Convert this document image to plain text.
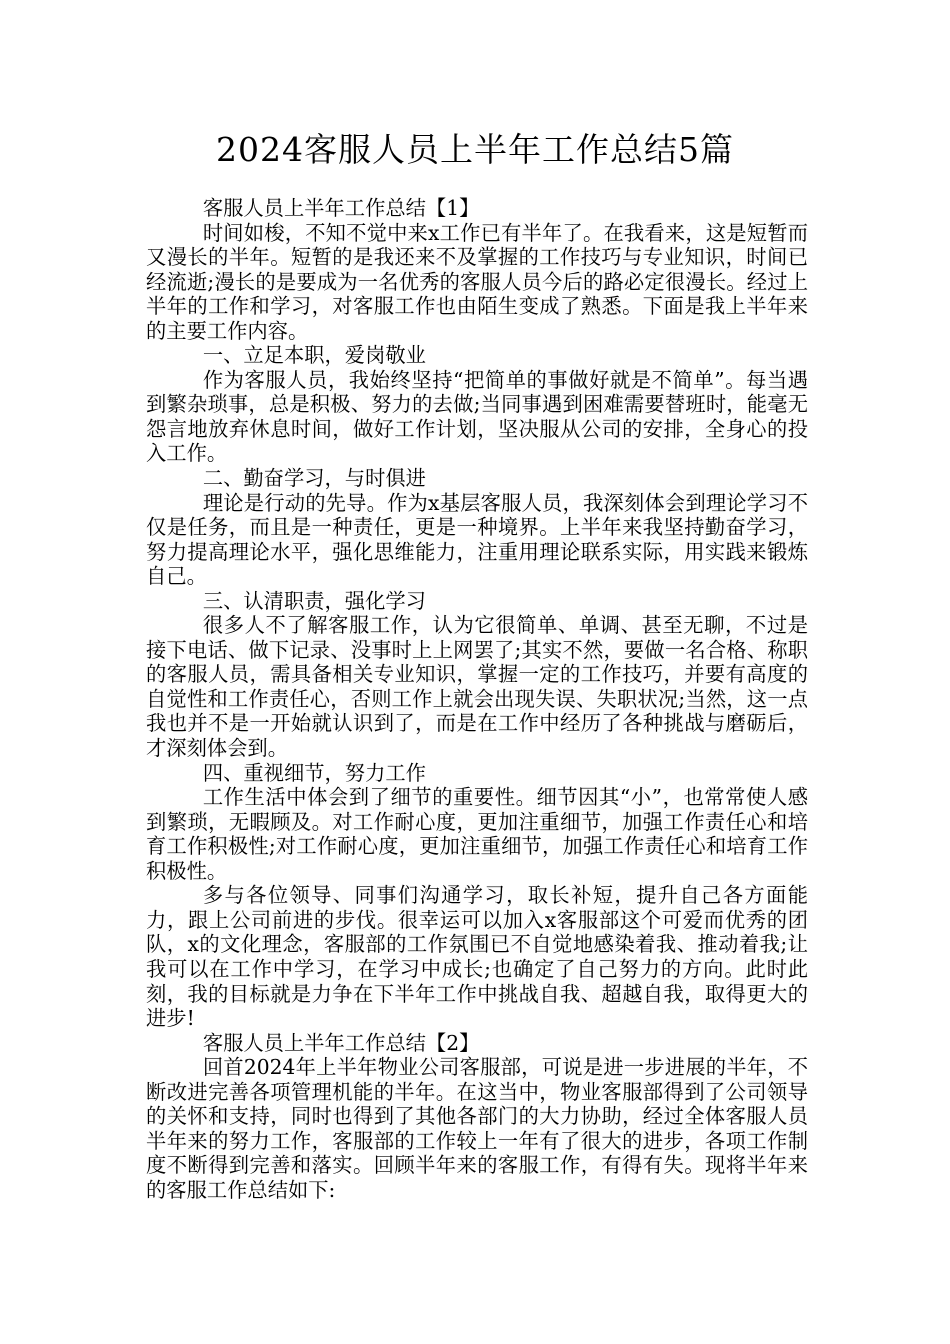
2024客服人员上半年工作总结5篇

客服人员上半年工作总结【1】

时间如梭，不知不觉中来x工作已有半年了。在我看来，这是短暂而又漫长的半年。短暂的是我还来不及掌握的工作技巧与专业知识，时间已经流逝;漫长的是要成为一名优秀的客服人员今后的路必定很漫长。经过上半年的工作和学习，对客服工作也由陌生变成了熟悉。下面是我上半年来的主要工作内容。

一、立足本职，爱岗敬业

作为客服人员，我始终坚持“把简单的事做好就是不简单”。每当遇到繁杂琐事，总是积极、努力的去做;当同事遇到困难需要替班时，能毫无怨言地放弃休息时间，做好工作计划，坚决服从公司的安排，全身心的投入工作。

二、勤奋学习，与时俱进

理论是行动的先导。作为x基层客服人员，我深刻体会到理论学习不仅是任务，而且是一种责任，更是一种境界。上半年来我坚持勤奋学习，努力提高理论水平，强化思维能力，注重用理论联系实际，用实践来锻炼自己。

三、认清职责，强化学习

很多人不了解客服工作，认为它很简单、单调、甚至无聊，不过是接下电话、做下记录、没事时上上网罢了;其实不然，要做一名合格、称职的客服人员，需具备相关专业知识，掌握一定的工作技巧，并要有高度的自觉性和工作责任心，否则工作上就会出现失误、失职状况;当然，这一点我也并不是一开始就认识到了，而是在工作中经历了各种挑战与磨砺后，才深刻体会到。

四、重视细节，努力工作

工作生活中体会到了细节的重要性。细节因其“小”，也常常使人感到繁琐，无暇顾及。对工作耐心度，更加注重细节，加强工作责任心和培育工作积极性;对工作耐心度，更加注重细节，加强工作责任心和培育工作积极性。

多与各位领导、同事们沟通学习，取长补短，提升自己各方面能力，跟上公司前进的步伐。很幸运可以加入x客服部这个可爱而优秀的团队，x的文化理念，客服部的工作氛围已不自觉地感染着我、推动着我;让我可以在工作中学习，在学习中成长;也确定了自己努力的方向。此时此刻，我的目标就是力争在下半年工作中挑战自我、超越自我，取得更大的进步!

客服人员上半年工作总结【2】

回首2024年上半年物业公司客服部，可说是进一步进展的半年，不断改进完善各项管理机能的半年。在这当中，物业客服部得到了公司领导的关怀和支持，同时也得到了其他各部门的大力协助，经过全体客服人员半年来的努力工作，客服部的工作较上一年有了很大的进步，各项工作制度不断得到完善和落实。回顾半年来的客服工作，有得有失。现将半年来的客服工作总结如下:
